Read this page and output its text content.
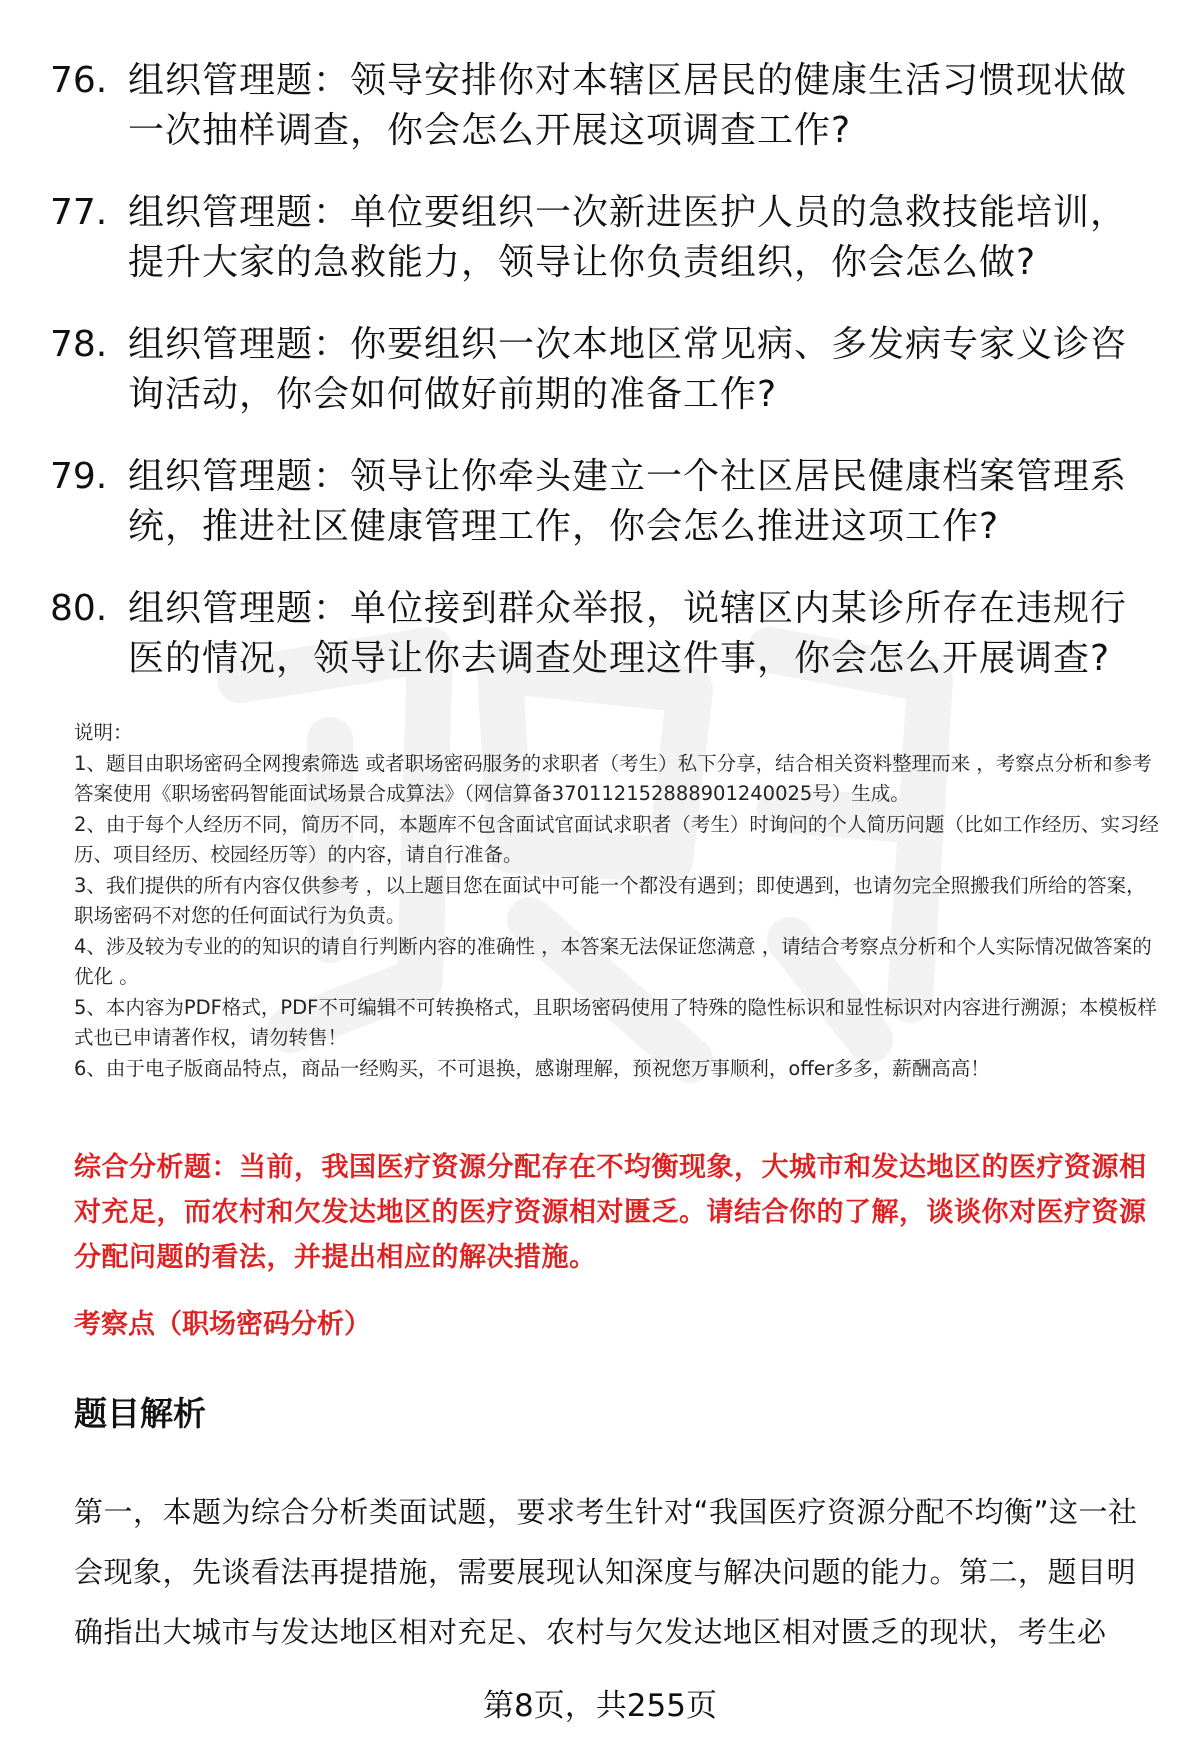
76. 组织管理题：领导安排你对本辖区居民的健康生活习惯现状做一次抽样调查，你会怎么开展这项调查工作?
77. 组织管理题：单位要组织一次新进医护人员的急救技能培训，提升大家的急救能力，领导让你负责组织，你会怎么做?
78. 组织管理题：你要组织一次本地区常见病、多发病专家义诊咨询活动，你会如何做好前期的准备工作?
79. 组织管理题：领导让你牵头建立一个社区居民健康档案管理系统，推进社区健康管理工作，你会怎么推进这项工作?
80. 组织管理题：单位接到群众举报，说辖区内某诊所存在违规行医的情况，领导让你去调查处理这件事，你会怎么开展调查?

说明：

1、题目由职场密码全网搜索筛选 或者职场密码服务的求职者（考生）私下分享，结合相关资料整理而来 ，考察点分析和参考答案使用《职场密码智能面试场景合成算法》（网信算备370112152888901240025号）生成。

2、由于每个人经历不同，简历不同，本题库不包含面试官面试求职者（考生）时询问的个人简历问题（比如工作经历、实习经历、项目经历、校园经历等）的内容，请自行准备。

3、我们提供的所有内容仅供参考 ，以上题目您在面试中可能一个都没有遇到；即使遇到，也请勿完全照搬我们所给的答案，职场密码不对您的任何面试行为负责。

4、涉及较为专业的的知识的请自行判断内容的准确性 ，本答案无法保证您满意 ，请结合考察点分析和个人实际情况做答案的优化 。

5、本内容为PDF格式，PDF不可编辑不可转换格式，且职场密码使用了特殊的隐性标识和显性标识对内容进行溯源；本模板样式也已申请著作权，请勿转售！

6、由于电子版商品特点，商品一经购买，不可退换，感谢理解，预祝您万事顺利，offer多多，薪酬高高！

综合分析题：当前，我国医疗资源分配存在不均衡现象，大城市和发达地区的医疗资源相对充足，而农村和欠发达地区的医疗资源相对匮乏。请结合你的了解，谈谈你对医疗资源分配问题的看法，并提出相应的解决措施。
考察点（职场密码分析）
题目解析
第一，本题为综合分析类面试题，要求考生针对“我国医疗资源分配不均衡”这一社会现象，先谈看法再提措施，需要展现认知深度与解决问题的能力。第二，题目明确指出大城市与发达地区相对充足、农村与欠发达地区相对匮乏的现状，考生必
第8页，共255页
